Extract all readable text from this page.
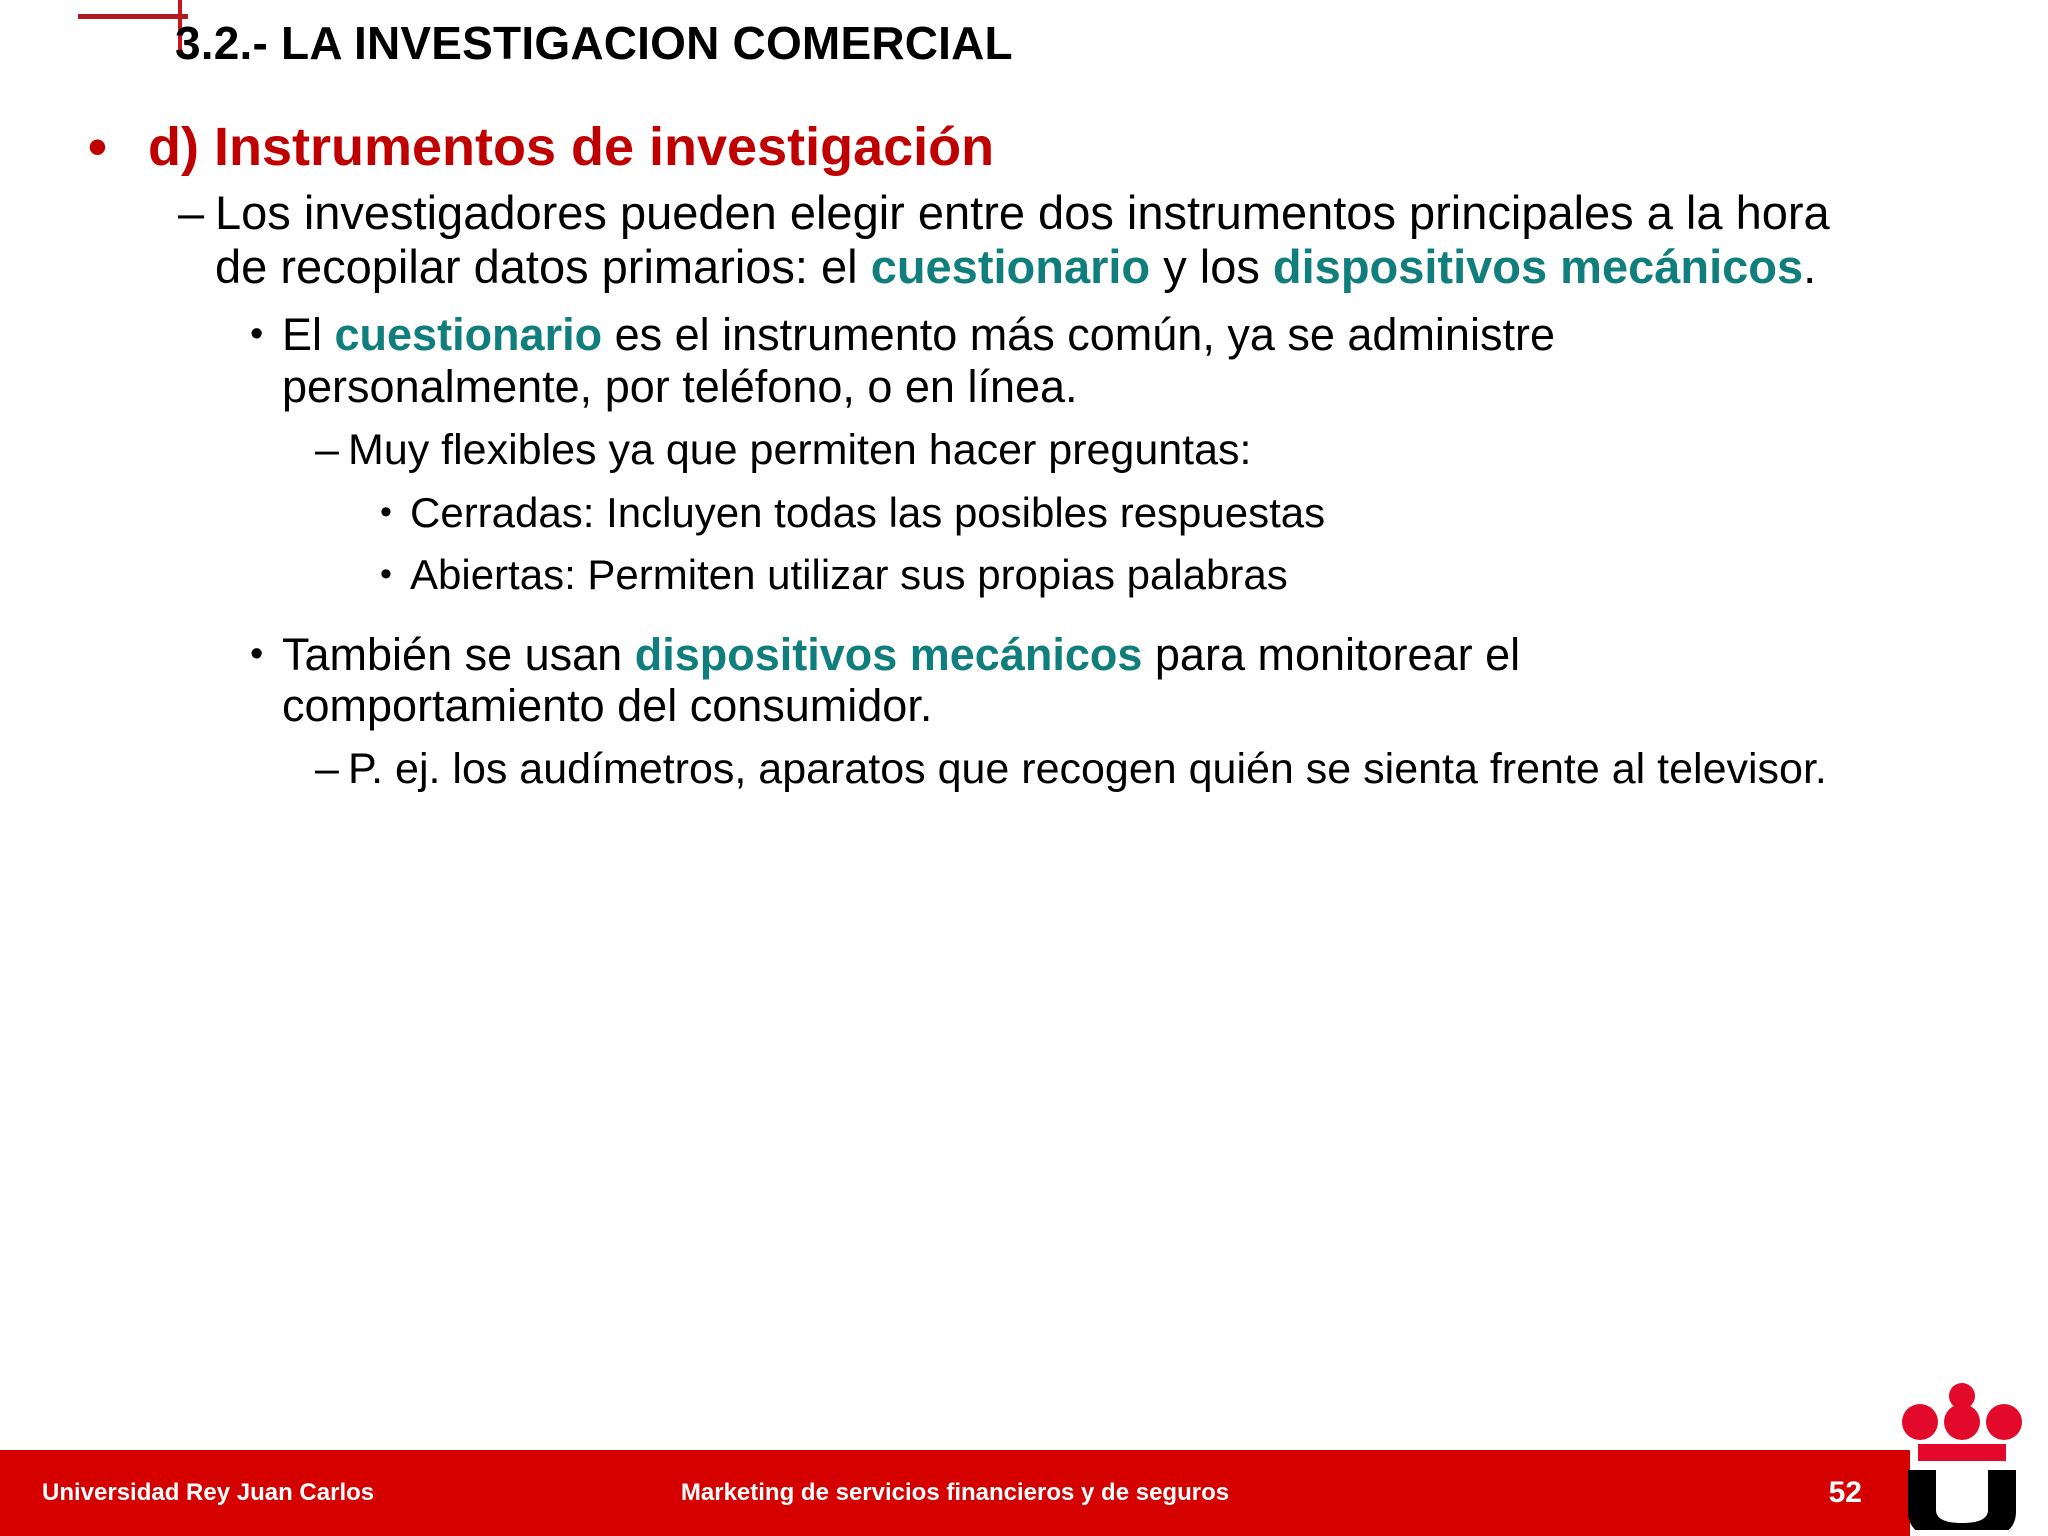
3.2.- LA INVESTIGACION COMERCIAL
• d) Instrumentos de investigación
– Los investigadores pueden elegir entre dos instrumentos principales a la hora de recopilar datos primarios: el cuestionario y los dispositivos mecánicos.
• El cuestionario es el instrumento más común, ya se administre personalmente, por teléfono, o en línea.
– Muy flexibles ya que permiten hacer preguntas:
• Cerradas: Incluyen todas las posibles respuestas
• Abiertas: Permiten utilizar sus propias palabras
• También se usan dispositivos mecánicos para monitorear el comportamiento del consumidor.
– P. ej. los audímetros, aparatos que recogen quién se sienta frente al televisor.
Universidad Rey Juan Carlos	Marketing de servicios financieros y de seguros	52
